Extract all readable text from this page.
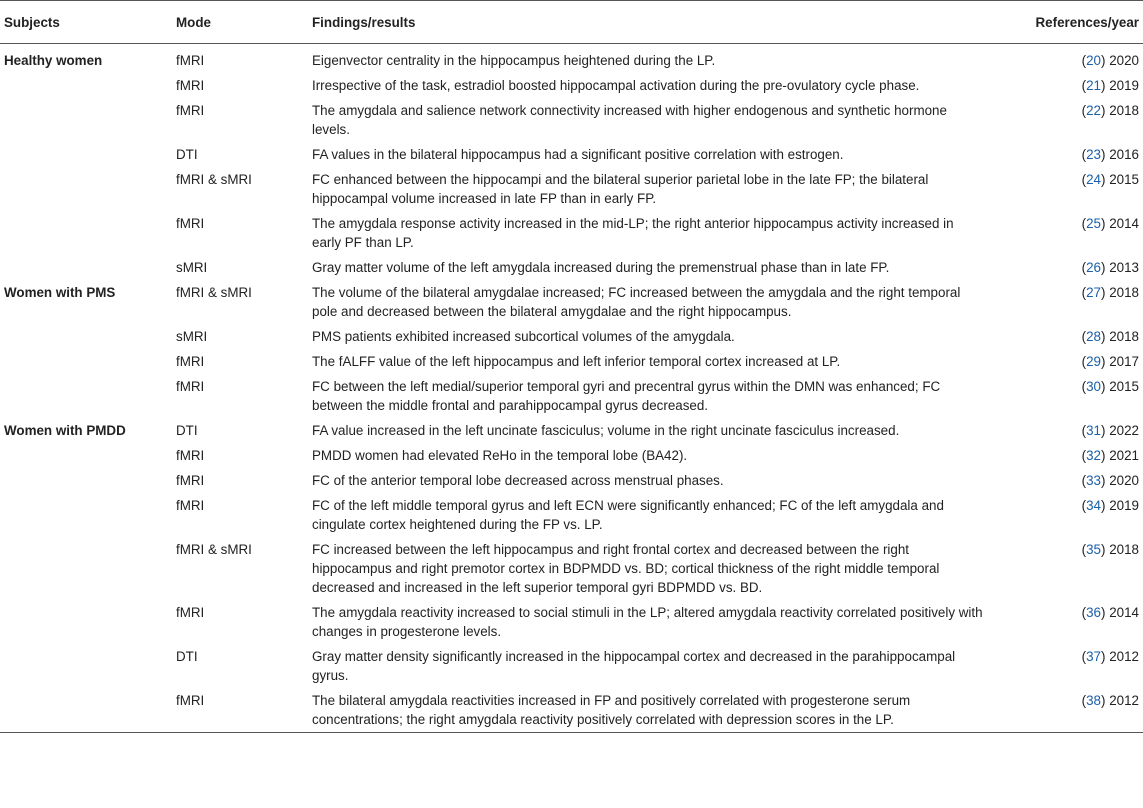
Subjects	Mode	Findings/results	References/year
Healthy women	fMRI	Eigenvector centrality in the hippocampus heightened during the LP.	(20) 2020
	fMRI	Irrespective of the task, estradiol boosted hippocampal activation during the pre-ovulatory cycle phase.	(21) 2019
	fMRI	The amygdala and salience network connectivity increased with higher endogenous and synthetic hormone levels.	(22) 2018
	DTI	FA values in the bilateral hippocampus had a significant positive correlation with estrogen.	(23) 2016
	fMRI & sMRI	FC enhanced between the hippocampi and the bilateral superior parietal lobe in the late FP; the bilateral hippocampal volume increased in late FP than in early FP.	(24) 2015
	fMRI	The amygdala response activity increased in the mid-LP; the right anterior hippocampus activity increased in early PF than LP.	(25) 2014
	sMRI	Gray matter volume of the left amygdala increased during the premenstrual phase than in late FP.	(26) 2013
Women with PMS	fMRI & sMRI	The volume of the bilateral amygdalae increased; FC increased between the amygdala and the right temporal pole and decreased between the bilateral amygdalae and the right hippocampus.	(27) 2018
	sMRI	PMS patients exhibited increased subcortical volumes of the amygdala.	(28) 2018
	fMRI	The fALFF value of the left hippocampus and left inferior temporal cortex increased at LP.	(29) 2017
	fMRI	FC between the left medial/superior temporal gyri and precentral gyrus within the DMN was enhanced; FC between the middle frontal and parahippocampal gyrus decreased.	(30) 2015
Women with PMDD	DTI	FA value increased in the left uncinate fasciculus; volume in the right uncinate fasciculus increased.	(31) 2022
	fMRI	PMDD women had elevated ReHo in the temporal lobe (BA42).	(32) 2021
	fMRI	FC of the anterior temporal lobe decreased across menstrual phases.	(33) 2020
	fMRI	FC of the left middle temporal gyrus and left ECN were significantly enhanced; FC of the left amygdala and cingulate cortex heightened during the FP vs. LP.	(34) 2019
	fMRI & sMRI	FC increased between the left hippocampus and right frontal cortex and decreased between the right hippocampus and right premotor cortex in BDPMDD vs. BD; cortical thickness of the right middle temporal decreased and increased in the left superior temporal gyri BDPMDD vs. BD.	(35) 2018
	fMRI	The amygdala reactivity increased to social stimuli in the LP; altered amygdala reactivity correlated positively with changes in progesterone levels.	(36) 2014
	DTI	Gray matter density significantly increased in the hippocampal cortex and decreased in the parahippocampal gyrus.	(37) 2012
	fMRI	The bilateral amygdala reactivities increased in FP and positively correlated with progesterone serum concentrations; the right amygdala reactivity positively correlated with depression scores in the LP.	(38) 2012
